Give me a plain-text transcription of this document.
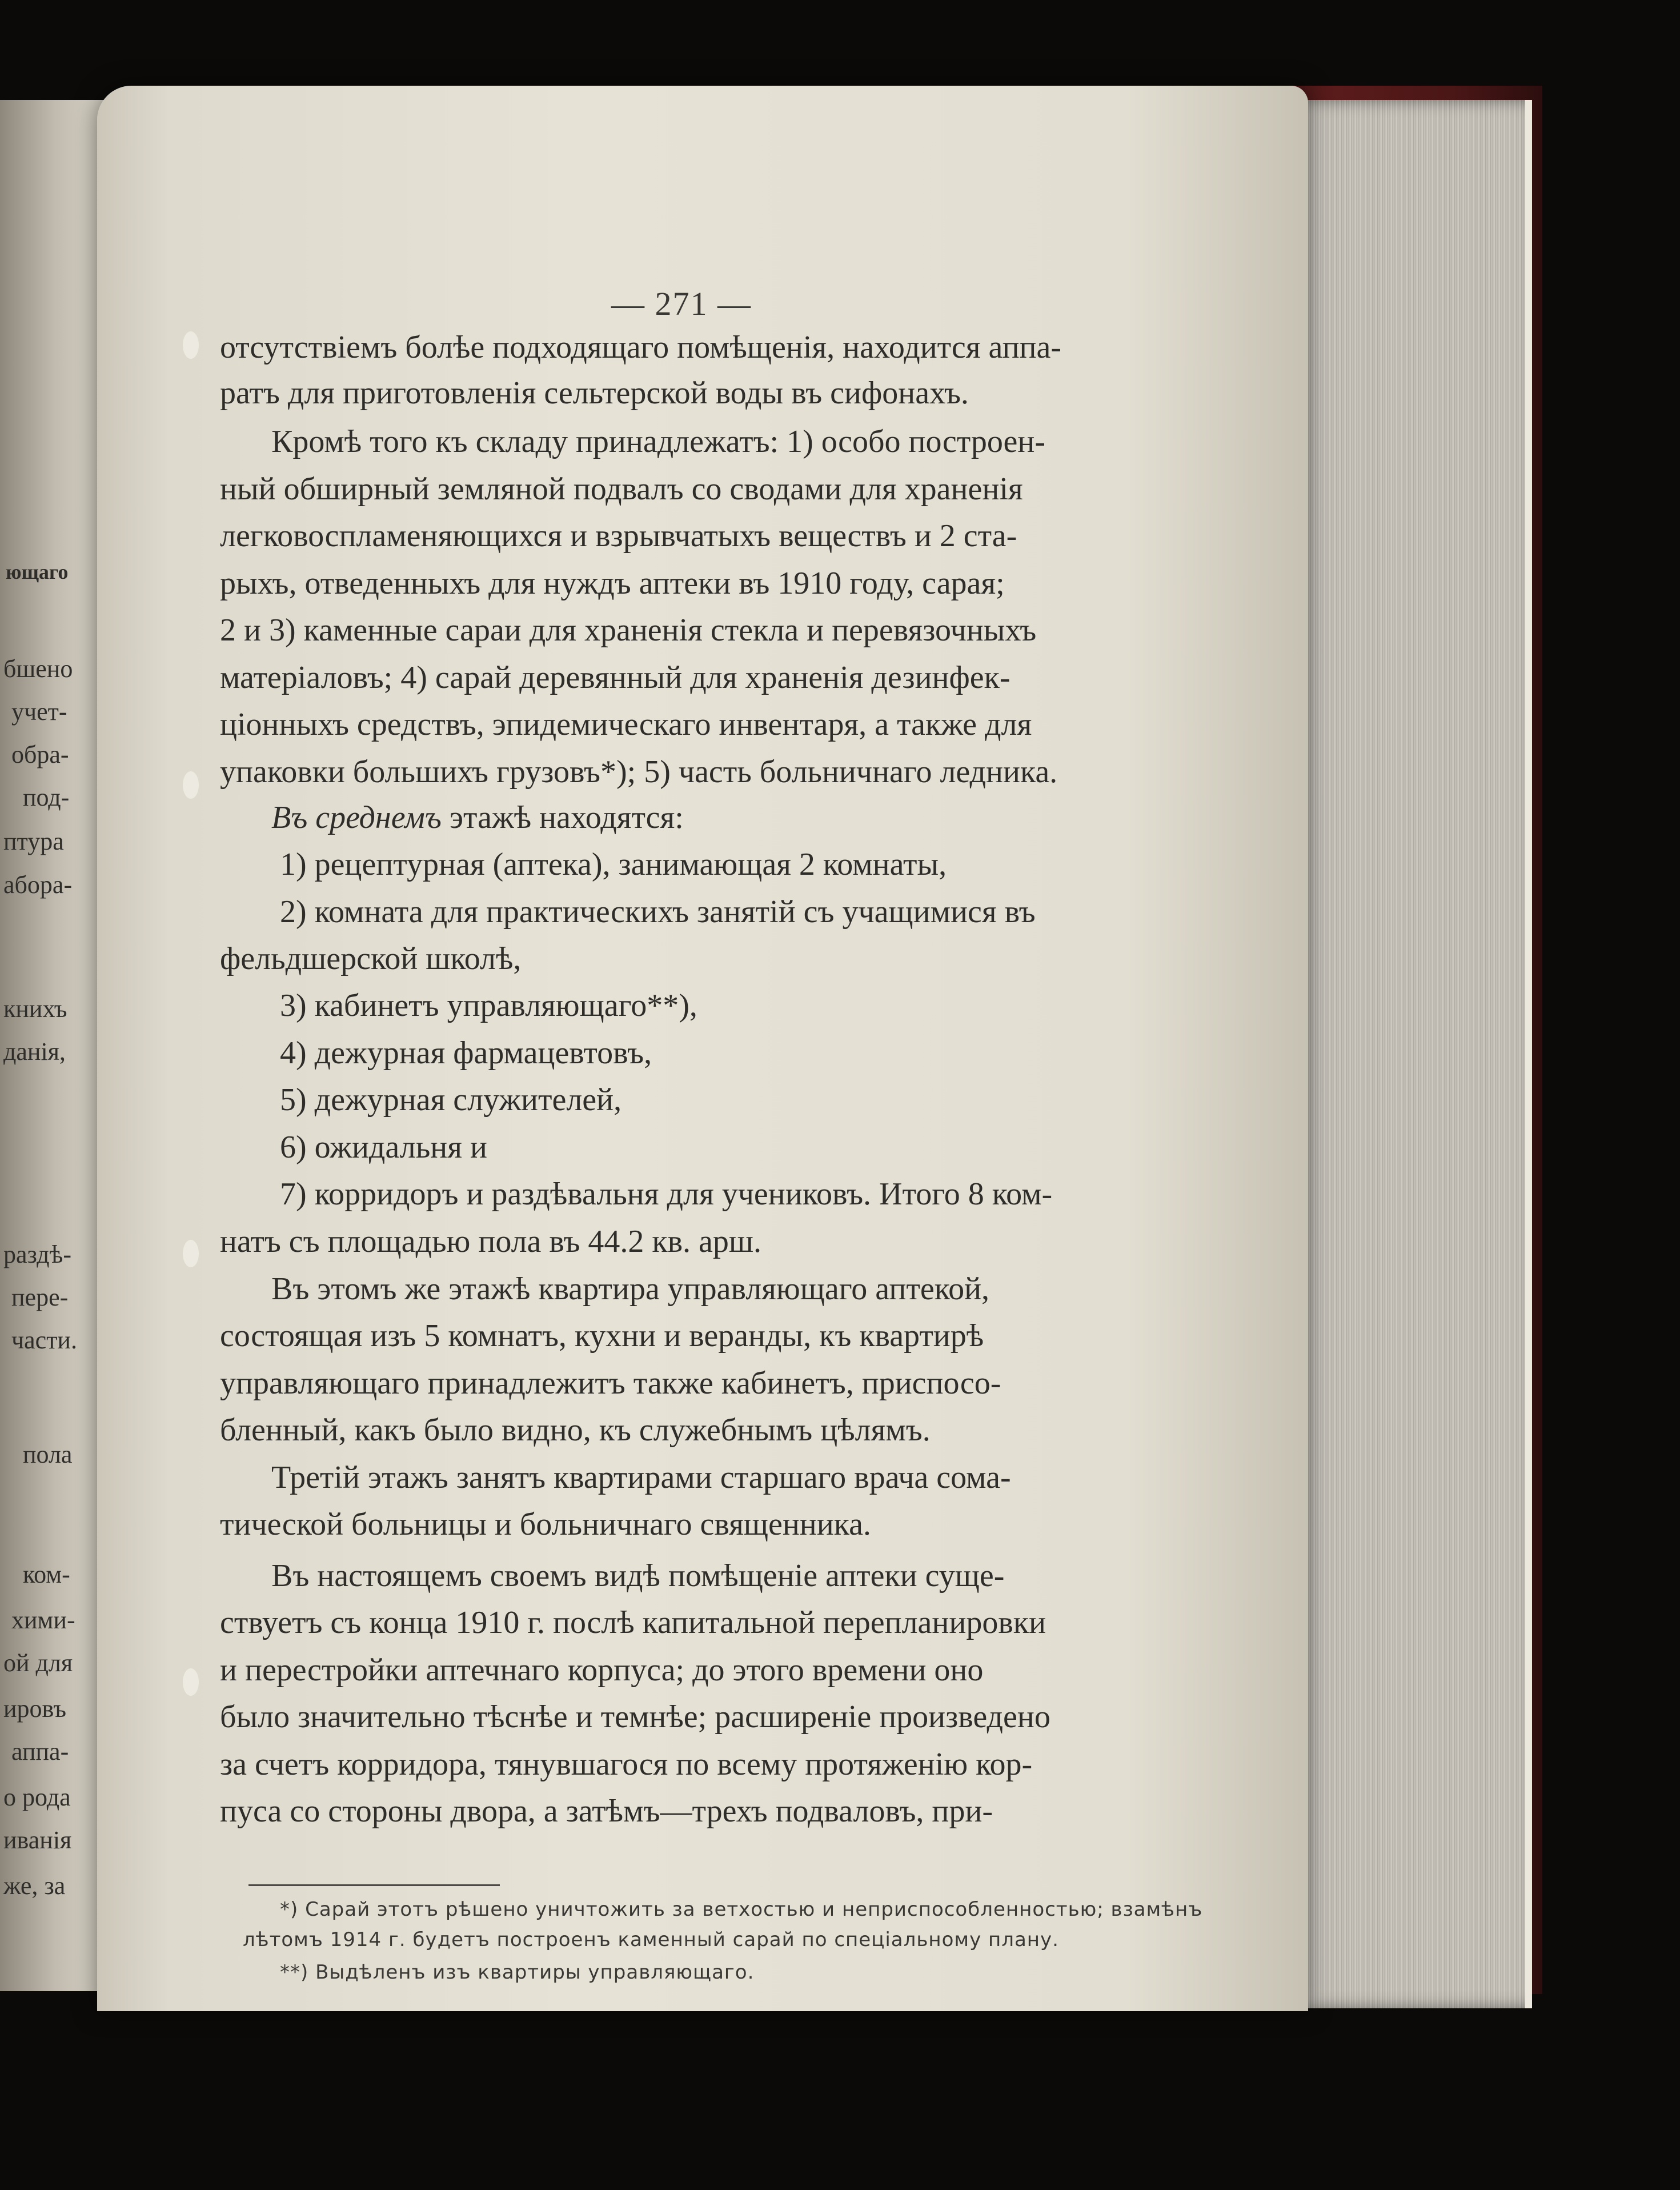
ющаго
бшено
учет-
обра-
под-
птура
абора-
книхъ
данія,
раздѣ-
пере-
части.
пола
ком-
хими-
ой для
ировъ
аппа-
о рода
иванія
же, за
— 271 —
отсутствіемъ болѣе подходящаго помѣщенія, находится аппа-
ратъ для приготовленія сельтерской воды въ сифонахъ.
Кромѣ того къ складу принадлежатъ: 1) особо построен-
ный обширный землянoй подвалъ со сводами для храненія
легковоспламеняющихся и взрывчатыхъ веществъ и 2 ста-
рыхъ, отведенныхъ для нуждъ аптеки въ 1910 году, сарая;
2 и 3) каменные сараи для храненія стекла и перевязочныхъ
матеріаловъ; 4) сарай деревянный для храненія дезинфек-
ціонныхъ средствъ, эпидемическаго инвентаря, а также для
упаковки большихъ грузовъ*); 5) часть больничнаго ледника.
Въ среднемъ этажѣ находятся:
1) рецептурная (аптека), занимающая 2 комнаты,
2) комната для практическихъ занятій съ учащимися въ
фельдшерской школѣ,
3) кабинетъ управляющаго**),
4) дежурная фармацевтовъ,
5) дежурная служителей,
6) ожидальня и
7) корридоръ и раздѣвальня для учениковъ. Итого 8 ком-
натъ съ площадью пола въ 44.2 кв. арш.
Въ этомъ же этажѣ квартира управляющаго аптекой,
состоящая изъ 5 комнатъ, кухни и веранды, къ квартирѣ
управляющаго принадлежитъ также кабинетъ, приспосо-
бленный, какъ было видно, къ служебнымъ цѣлямъ.
Третій этажъ занятъ квартирами старшаго врача сома-
тической больницы и больничнаго священника.
Въ настоящемъ своемъ видѣ помѣщеніе аптеки суще-
ствуетъ съ конца 1910 г. послѣ капитальной перепланировки
и перестройки аптечнаго корпуса; до этого времени оно
было значительно тѣснѣе и темнѣе; расширеніе произведено
за счетъ корридора, тянувшагося по всему протяженію кор-
пуса со стороны двора, а затѣмъ—трехъ подваловъ, при-
*) Сарай этотъ рѣшено уничтожить за ветхостью и неприспособленностью; взамѣнъ
лѣтомъ 1914 г. будетъ построенъ каменный сарай по спеціальному плану.
**) Выдѣленъ изъ квартиры управляющаго.
